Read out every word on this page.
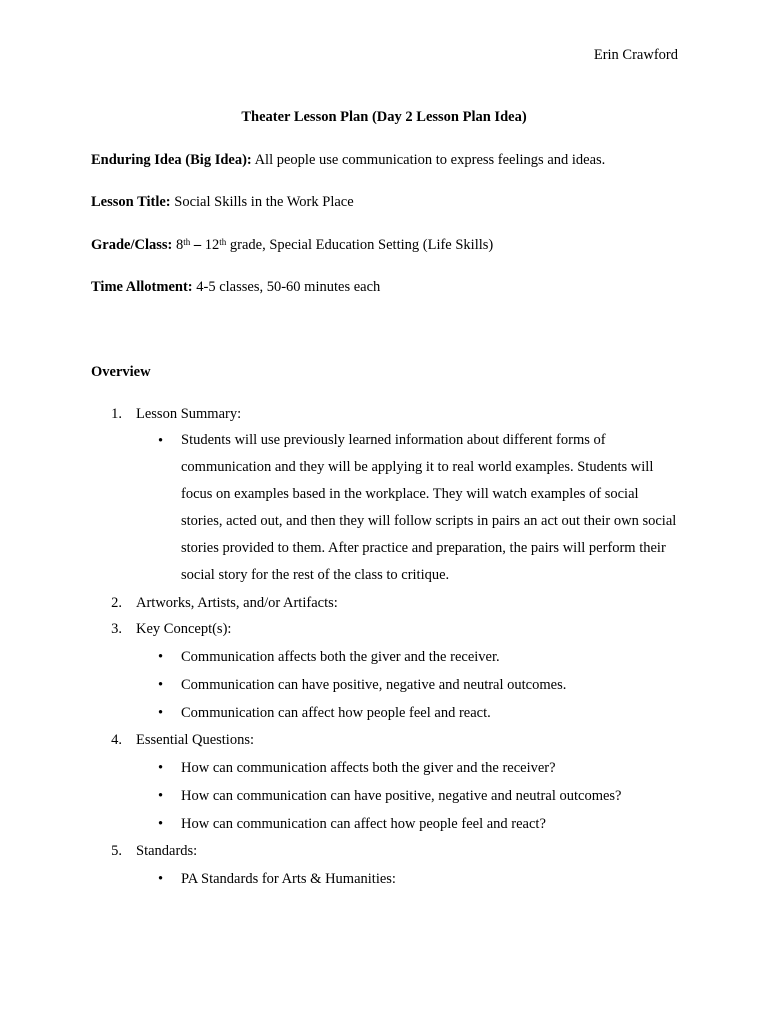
Erin Crawford
Theater Lesson Plan (Day 2 Lesson Plan Idea)
Enduring Idea (Big Idea): All people use communication to express feelings and ideas.
Lesson Title: Social Skills in the Work Place
Grade/Class: 8th – 12th grade, Special Education Setting (Life Skills)
Time Allotment: 4-5 classes, 50-60 minutes each
Overview
1. Lesson Summary:
• Students will use previously learned information about different forms of communication and they will be applying it to real world examples. Students will focus on examples based in the workplace. They will watch examples of social stories, acted out, and then they will follow scripts in pairs an act out their own social stories provided to them. After practice and preparation, the pairs will perform their social story for the rest of the class to critique.
2. Artworks, Artists, and/or Artifacts:
3. Key Concept(s):
• Communication affects both the giver and the receiver.
• Communication can have positive, negative and neutral outcomes.
• Communication can affect how people feel and react.
4. Essential Questions:
• How can communication affects both the giver and the receiver?
• How can communication can have positive, negative and neutral outcomes?
• How can communication can affect how people feel and react?
5. Standards:
• PA Standards for Arts & Humanities:
